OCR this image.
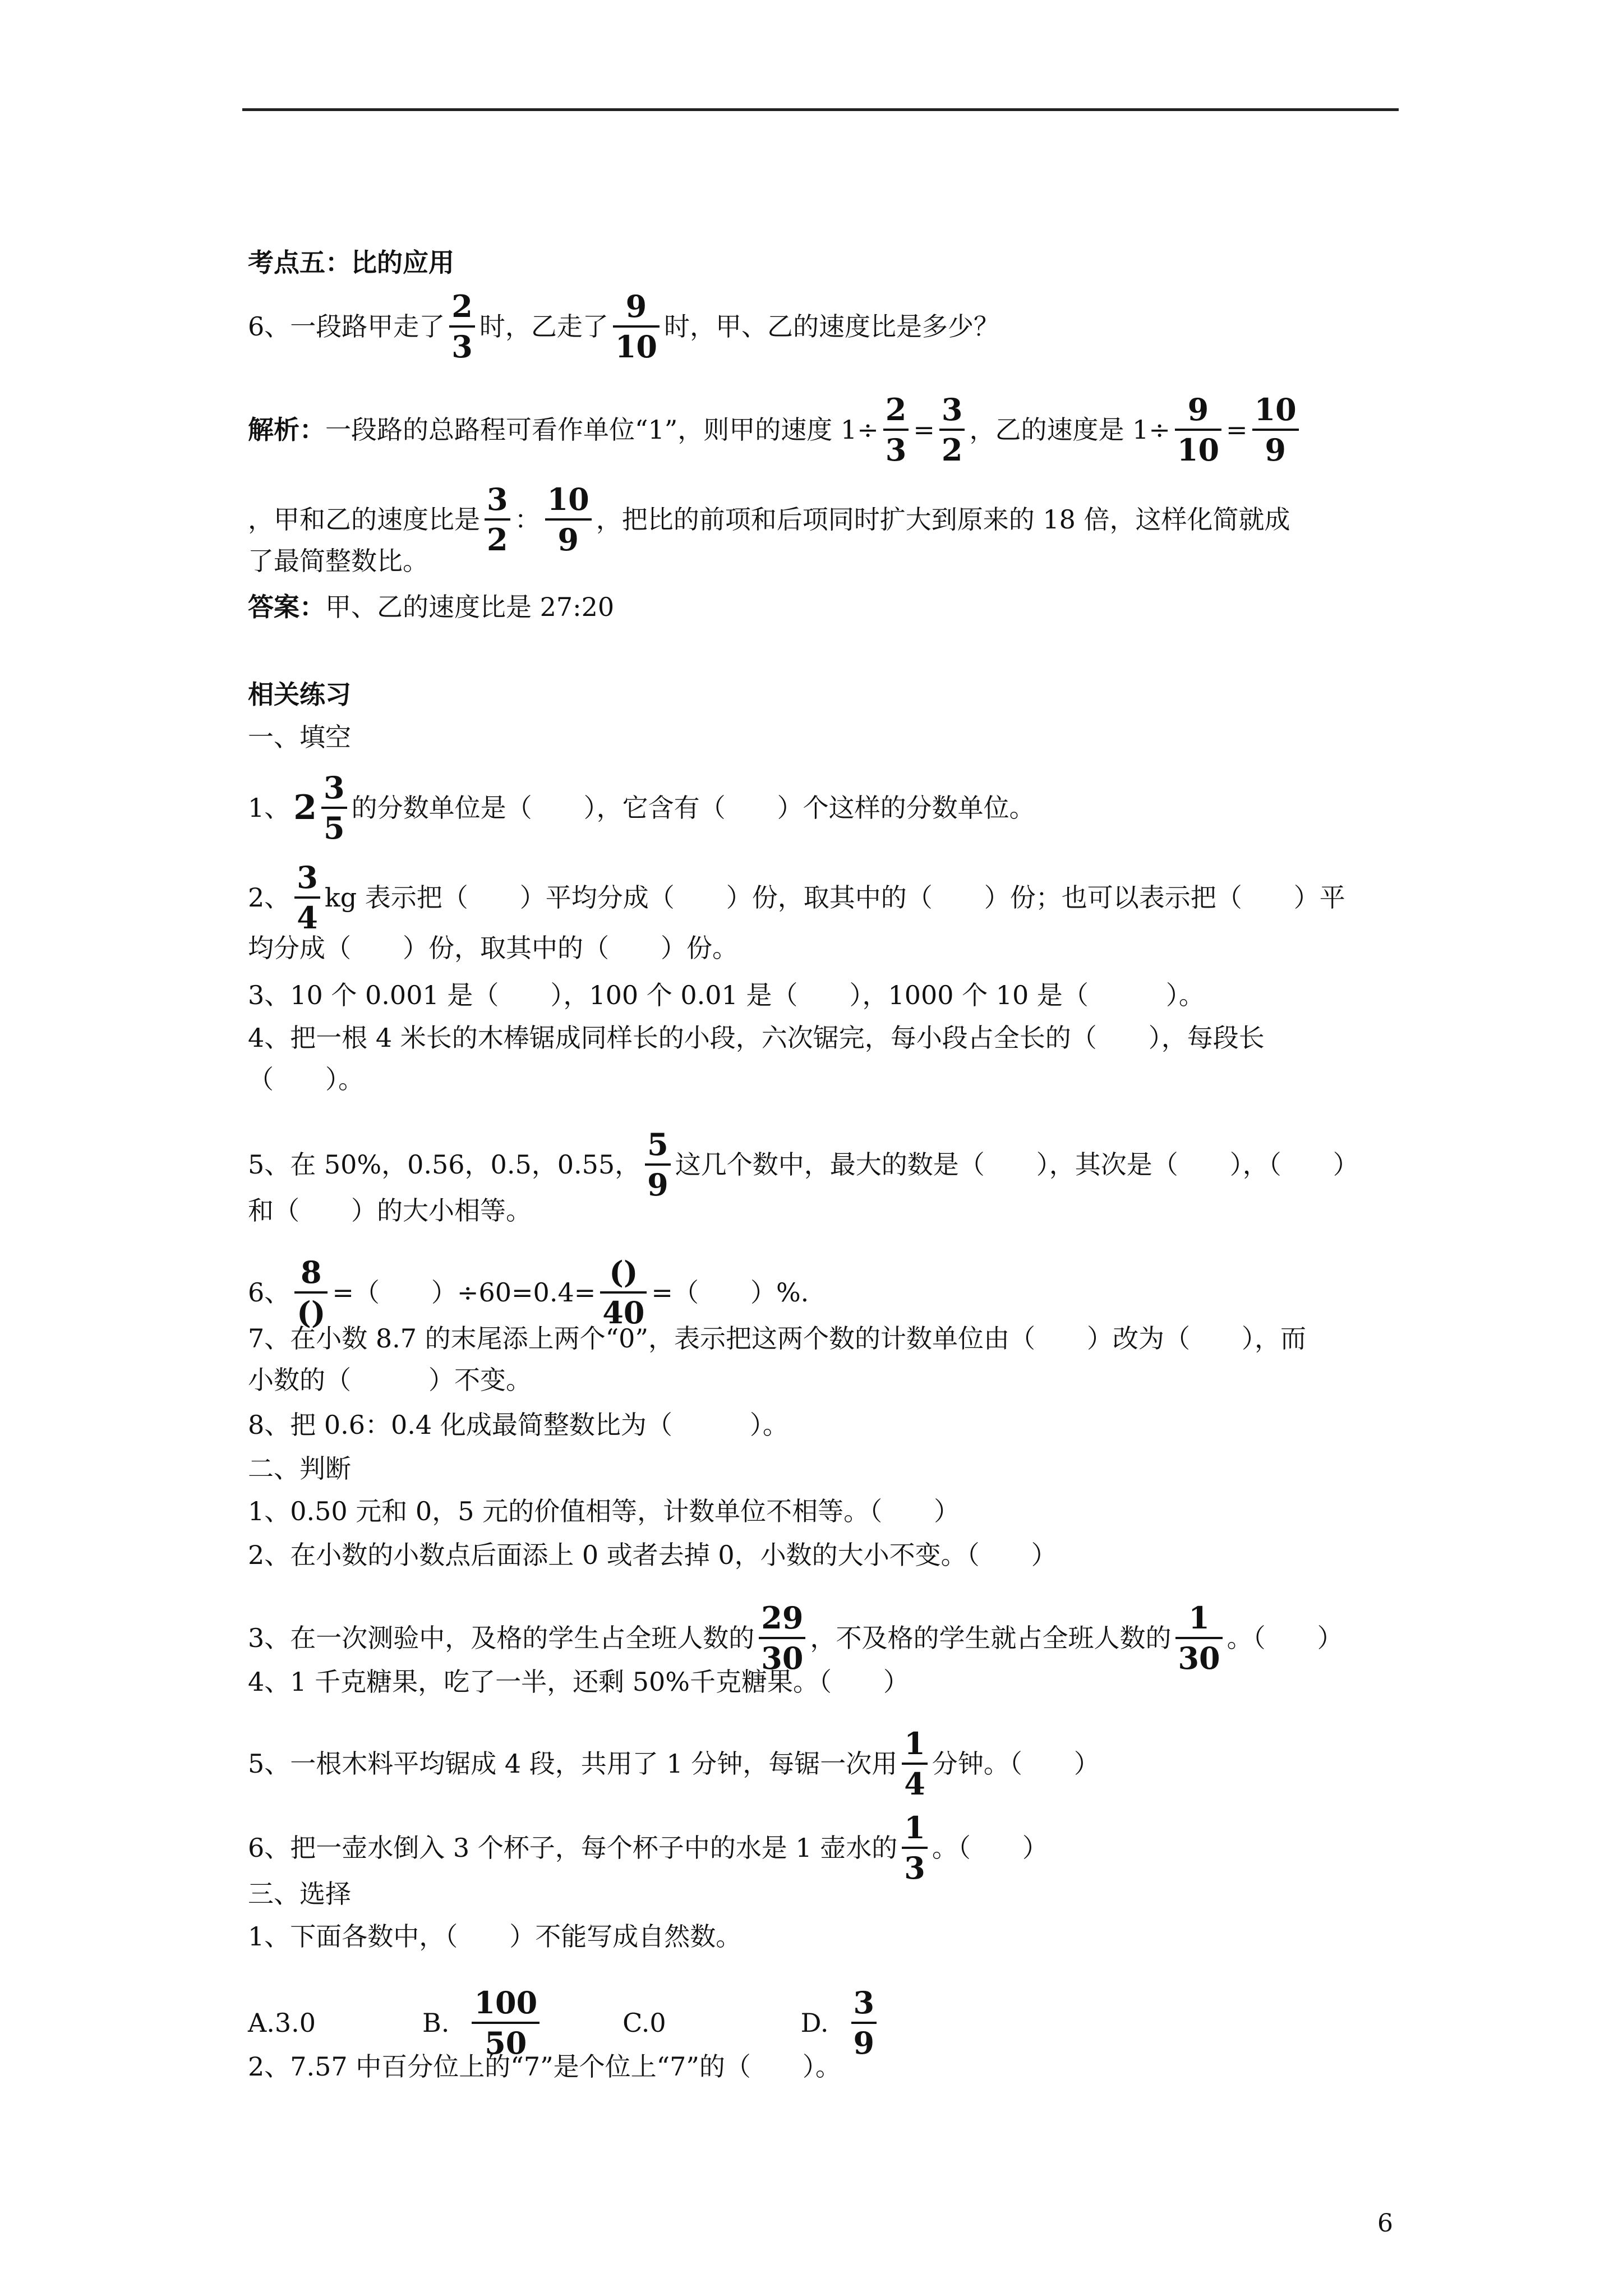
考点五：比的应用
6、一段路甲走了 $\frac{2}{3}$ 时，乙走了 $\frac{9}{10}$ 时，甲、乙的速度比是多少？
解析： 一段路的总路程可看作单位“1”，则甲的速度 $1\div \frac{2}{3} = \frac{3}{2}$ ，乙的速度是 $1\div \frac{9}{10} = \frac{10}{9}$
，甲和乙的速度比是 $\frac{3}{2}$ ： $\frac{10}{9}$ ，把比的前项和后项同时扩大到原来的 18 倍，这样化简就成
了最简整数比。
答案： 甲、乙的速度比是 27:20
相关练习
一、填空
1、 $2 \frac{3}{5}$ 的分数单位是（　　），它含有（　　）个这样的分数单位。
2、 $\frac{3}{4}$ kg 表示把（　　）平均分成（　　）份，取其中的（　　）份；也可以表示把（　　）平
均分成（　　）份，取其中的（　　）份。
3、10 个 0.001 是（　　），100 个 0.01 是（　　），1000 个 10 是（　　　）。
4、把一根 4 米长的木棒锯成同样长的小段，六次锯完，每小段占全长的（　　），每段长
（　　）。
5、在 50%，0.56，0.5，0.55， $\frac{5}{9}$ 这几个数中，最大的数是（　　），其次是（　　），（　　）
和（　　）的大小相等。
6、 $\frac{8}{()}$ =（　　）$\div 60=0.4= \frac{()}{40}$ =（　　）%.
7、在小数 8.7 的末尾添上两个“0”，表示把这两个数的计数单位由（　　）改为（　　），而
小数的（　　　）不变。
8、把 0.6：0.4 化成最简整数比为（　　　）。
二、判断
1、0.50 元和 0，5 元的价值相等，计数单位不相等。（　　）
2、在小数的小数点后面添上 0 或者去掉 0，小数的大小不变。（　　）
3、在一次测验中，及格的学生占全班人数的 $\frac{29}{30}$ ，不及格的学生就占全班人数的 $\frac{1}{30}$ 。（　　）
4、1 千克糖果，吃了一半，还剩 50%千克糖果。（　　）
5、一根木料平均锯成 4 段，共用了 1 分钟，每锯一次用 $\frac{1}{4}$ 分钟。（　　）
6、把一壶水倒入 3 个杯子，每个杯子中的水是 1 壶水的 $\frac{1}{3}$ 。（　　）
三、选择
1、下面各数中，（　　）不能写成自然数。
A.3.0	B. $\frac{100}{50}$	C.0	D. $\frac{3}{9}$
2、7.57 中百分位上的“7”是个位上“7”的（　　）。
6
